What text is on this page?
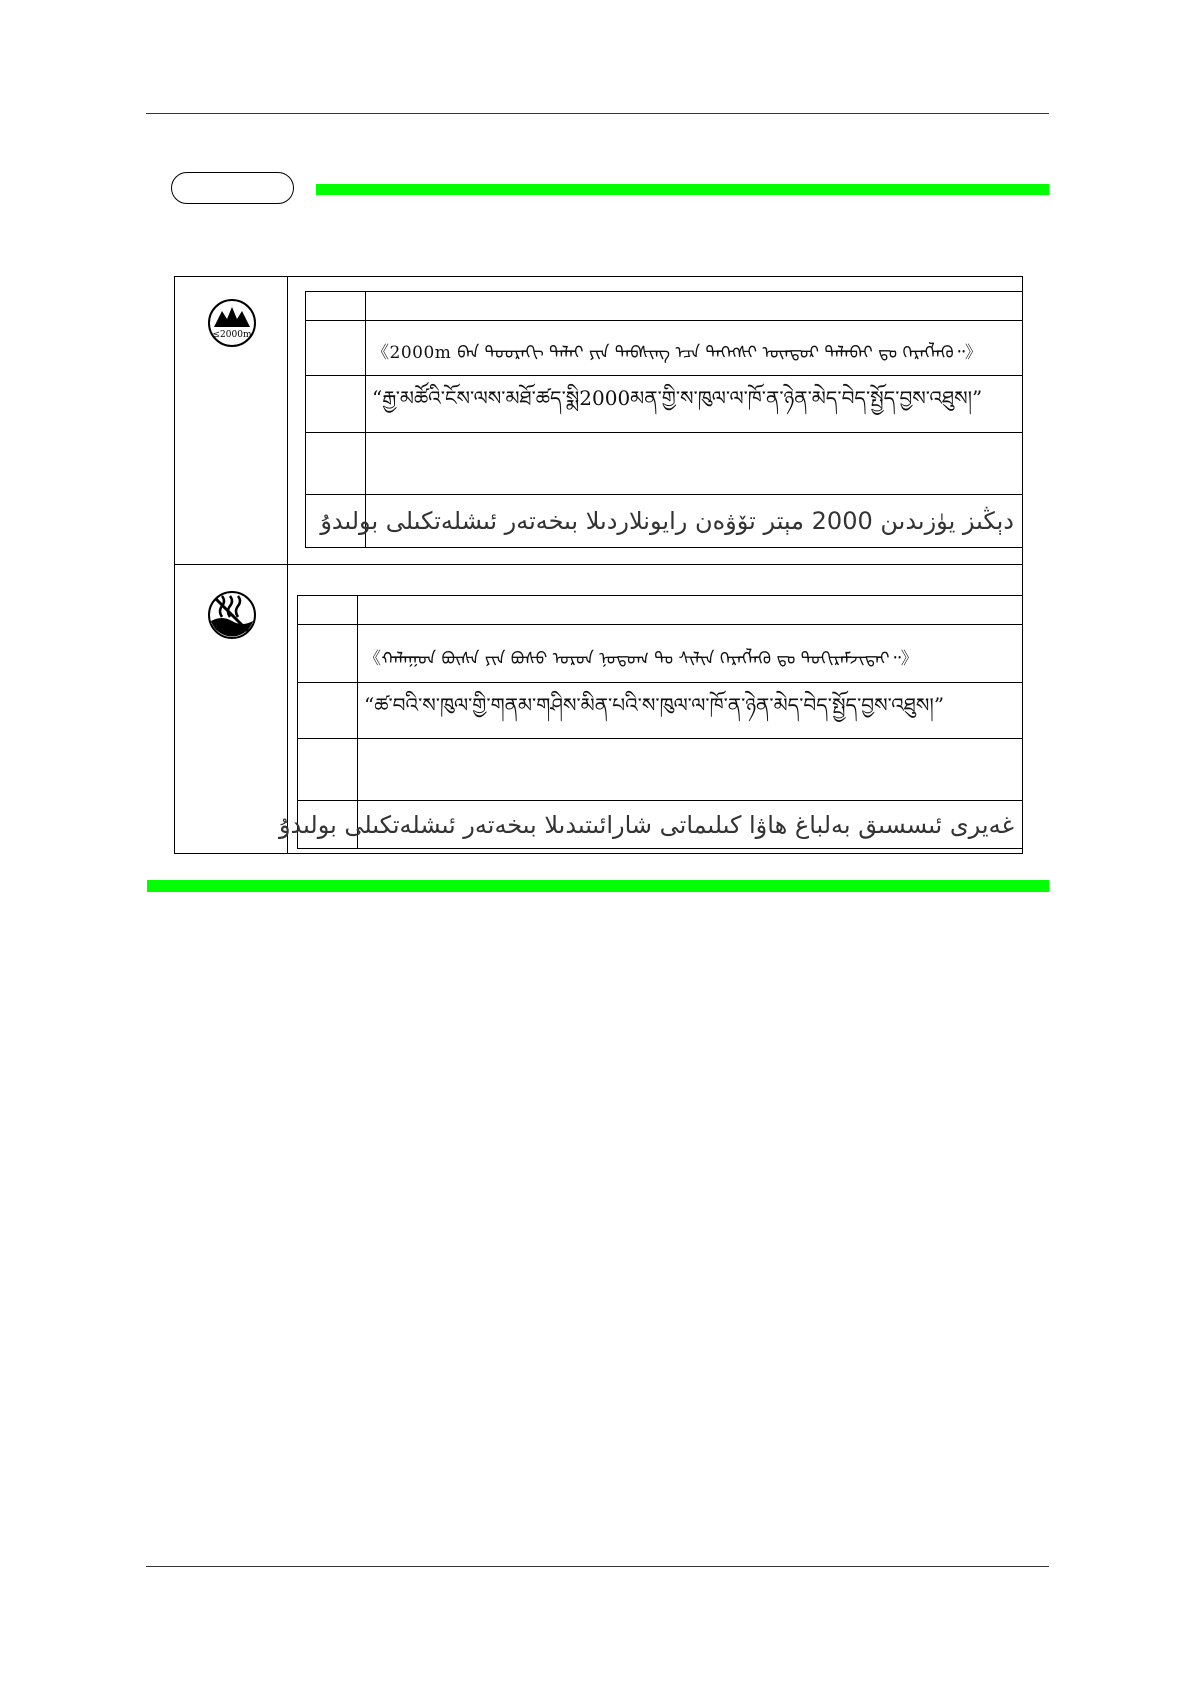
≤2000m
《2000m ᠪᠡᠨ ᠳᠣᠣᠷᠠᠬᠢ ᠳᠠᠯᠠᠢ ᠶᠢᠨ ᠲᠡᠪᠰᠢᠩ ᠡᠴᠡ ᠳᠡᠭᠡᠭᠰᠢ ᠦᠨᠳᠦᠷ ᠲᠠᠯᠠᠪᠠᠢ ᠳᠤ ᠬᠡᠷᠡᠭᠯᠡᠬᠦ᠌᠃》
“རྒྱ་མཚོའི་ངོས་ལས་མཐོ་ཚད་སྨི2000མན་གྱི་ས་ཁུལ་ལ་ཁོ་ན་ཉེན་མེད་བེད་སྤྱོད་བྱས་འཐུས།”
دېڭىز يۈزىدىن 2000 مېتر تۆۋەن رايونلاردىلا بىخەتەر ئىشلەتكىلى بولىدۇ
《ᠬᠠᠯᠠᠭᠤᠨ ᠪᠦᠰᠡ ᠶᠢᠨ ᠪᠤᠰᠤ ᠤᠷᠤᠨ ᠨᠤᠲᠤᠭ ᠲᠤ ᠰᠢᠯᠢᠨ ᠬᠡᠷᠡᠭᠯᠡᠬᠦ ᠳᠤ ᠲᠣᠬᠢᠷᠠᠮᠵᠢᠲᠠᠢ᠃》
“ཚ་བའི་ས་ཁུལ་གྱི་གནམ་གཤིས་མིན་པའི་ས་ཁུལ་ལ་ཁོ་ན་ཉེན་མེད་བེད་སྤྱོད་བྱས་འཐུས།”
غەيرى ئىسسىق بەلباغ ھاۋا كىلىماتى شارائىتىدىلا بىخەتەر ئىشلەتكىلى بولىدۇ
